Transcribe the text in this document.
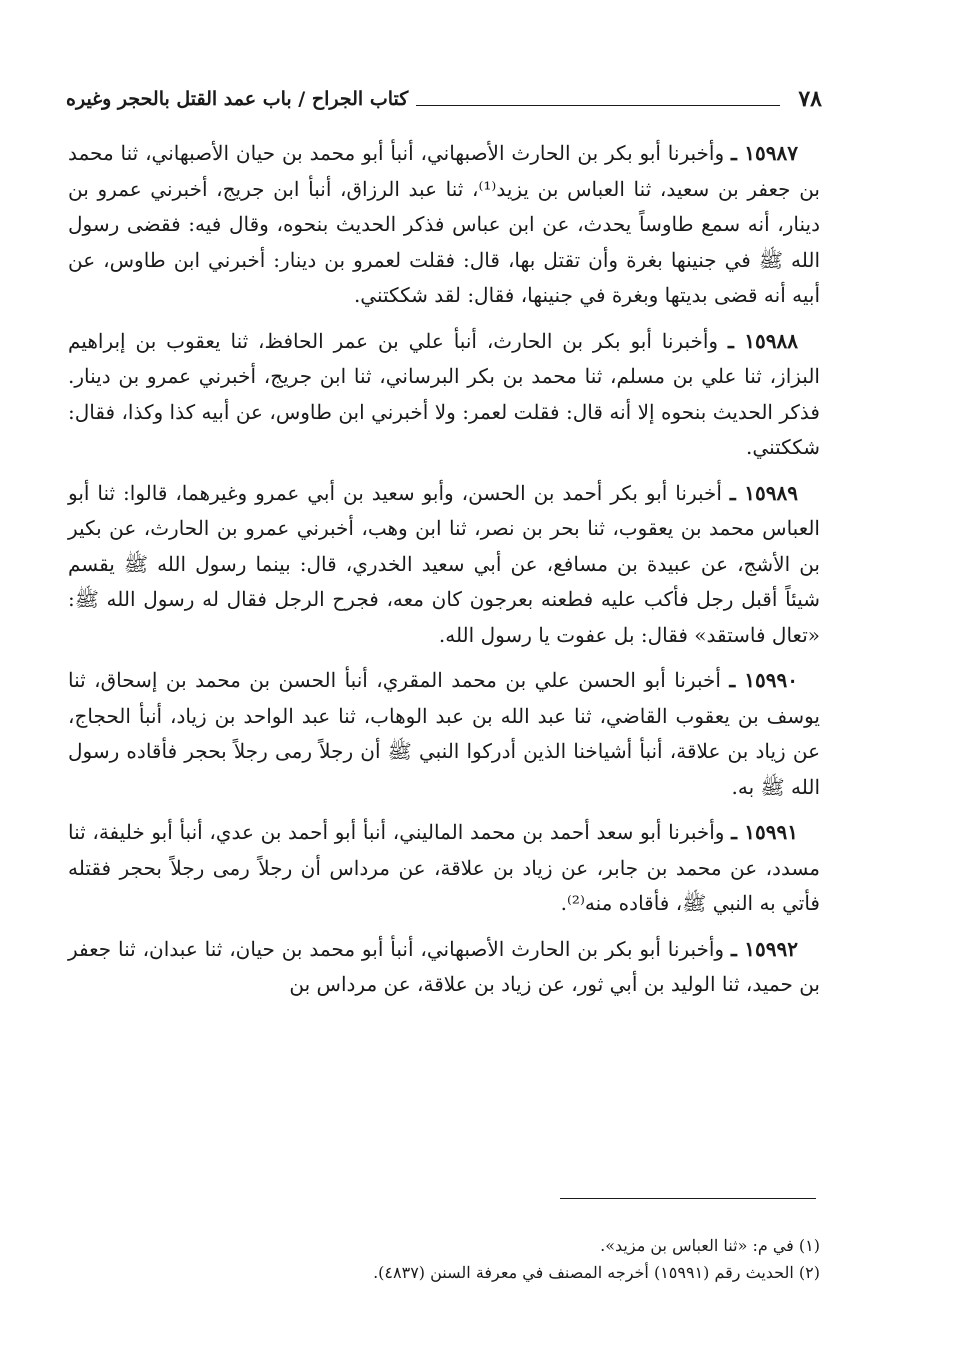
٧٨
كتاب الجراح / باب عمد القتل بالحجر وغيره

١٥٩٨٧ ـ وأخبرنا أبو بكر بن الحارث الأصبهاني، أنبأ أبو محمد بن حيان الأصبهاني، ثنا محمد بن جعفر بن سعيد، ثنا العباس بن يزيد⁽¹⁾، ثنا عبد الرزاق، أنبأ ابن جريج، أخبرني عمرو بن دينار، أنه سمع طاوساً يحدث، عن ابن عباس فذكر الحديث بنحوه، وقال فيه: فقضى رسول الله ﷺ في جنينها بغرة وأن تقتل بها، قال: فقلت لعمرو بن دينار: أخبرني ابن طاوس، عن أبيه أنه قضى بديتها وبغرة في جنينها، فقال: لقد شككتني.

١٥٩٨٨ ـ وأخبرنا أبو بكر بن الحارث، أنبأ علي بن عمر الحافظ، ثنا يعقوب بن إبراهيم البزاز، ثنا علي بن مسلم، ثنا محمد بن بكر البرساني، ثنا ابن جريج، أخبرني عمرو بن دينار. فذكر الحديث بنحوه إلا أنه قال: فقلت لعمر: ولا أخبرني ابن طاوس، عن أبيه كذا وكذا، فقال: شككتني.

١٥٩٨٩ ـ أخبرنا أبو بكر أحمد بن الحسن، وأبو سعيد بن أبي عمرو وغيرهما، قالوا: ثنا أبو العباس محمد بن يعقوب، ثنا بحر بن نصر، ثنا ابن وهب، أخبرني عمرو بن الحارث، عن بكير بن الأشج، عن عبيدة بن مسافع، عن أبي سعيد الخدري، قال: بينما رسول الله ﷺ يقسم شيئاً أقبل رجل فأكب عليه فطعنه بعرجون كان معه، فجرح الرجل فقال له رسول الله ﷺ: «تعال فاستقد» فقال: بل عفوت يا رسول الله.

١٥٩٩٠ ـ أخبرنا أبو الحسن علي بن محمد المقري، أنبأ الحسن بن محمد بن إسحاق، ثنا يوسف بن يعقوب القاضي، ثنا عبد الله بن عبد الوهاب، ثنا عبد الواحد بن زياد، أنبأ الحجاج، عن زياد بن علاقة، أنبأ أشياخنا الذين أدركوا النبي ﷺ أن رجلاً رمى رجلاً بحجر فأقاده رسول الله ﷺ به.

١٥٩٩١ ـ وأخبرنا أبو سعد أحمد بن محمد الماليني، أنبأ أبو أحمد بن عدي، أنبأ أبو خليفة، ثنا مسدد، عن محمد بن جابر، عن زياد بن علاقة، عن مرداس أن رجلاً رمى رجلاً بحجر فقتله فأتي به النبي ﷺ، فأقاده منه⁽²⁾.

١٥٩٩٢ ـ وأخبرنا أبو بكر بن الحارث الأصبهاني، أنبأ أبو محمد بن حيان، ثنا عبدان، ثنا جعفر بن حميد، ثنا الوليد بن أبي ثور، عن زياد بن علاقة، عن مرداس بن

(١) في م: «ثنا العباس بن مزيد».

(٢) الحديث رقم (١٥٩٩١) أخرجه المصنف في معرفة السنن (٤٨٣٧).
